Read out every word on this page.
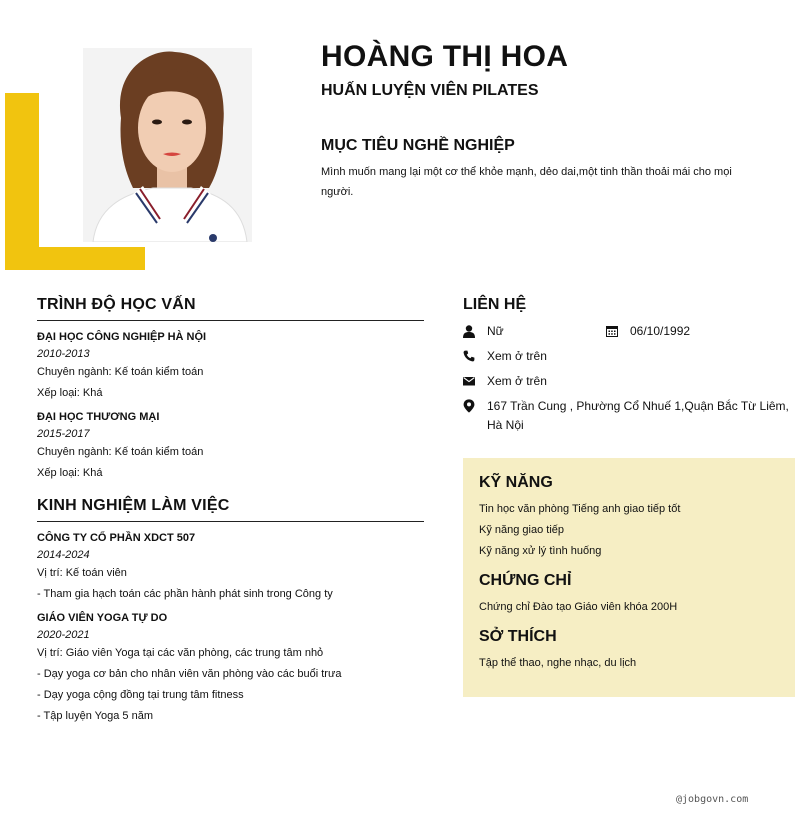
HOÀNG THỊ HOA
HUẤN LUYỆN VIÊN PILATES
MỤC TIÊU NGHỀ NGHIỆP

Mình muốn mang lại một cơ thể khỏe mạnh, dẻo dai,một tinh thần thoải mái cho mọi người.

TRÌNH ĐỘ HỌC VẤN

ĐẠI HỌC CÔNG NGHIỆP HÀ NỘI

2010-2013

Chuyên ngành: Kế toán kiểm toán

Xếp loại: Khá

ĐẠI HỌC THƯƠNG MẠI

2015-2017

Chuyên ngành: Kế toán kiểm toán

Xếp loại: Khá

KINH NGHIỆM LÀM VIỆC

CÔNG TY CỔ PHẦN XDCT 507

2014-2024

Vị trí: Kế toán viên

- Tham gia hạch toán các phần hành phát sinh trong Công ty

GIÁO VIÊN YOGA TỰ DO

2020-2021

Vị trí: Giáo viên Yoga tại các văn phòng, các trung tâm nhỏ

- Dạy yoga cơ bản cho nhân viên văn phòng vào các buổi trưa

- Dạy yoga cộng đồng tại trung tâm fitness

- Tập luyện Yoga 5 năm

LIÊN HỆ
Nữ	06/10/1992
Xem ở trên
Xem ở trên
167 Trần Cung , Phường Cổ Nhuế 1,Quận Bắc Từ Liêm, Hà Nội
KỸ NĂNG

Tin học văn phòng Tiếng anh giao tiếp tốt

Kỹ năng giao tiếp

Kỹ năng xử lý tình huống

CHỨNG CHỈ

Chứng chỉ Đào tạo Giáo viên khóa 200H

SỞ THÍCH

Tập thể thao, nghe nhạc, du lịch

@jobgovn.com
